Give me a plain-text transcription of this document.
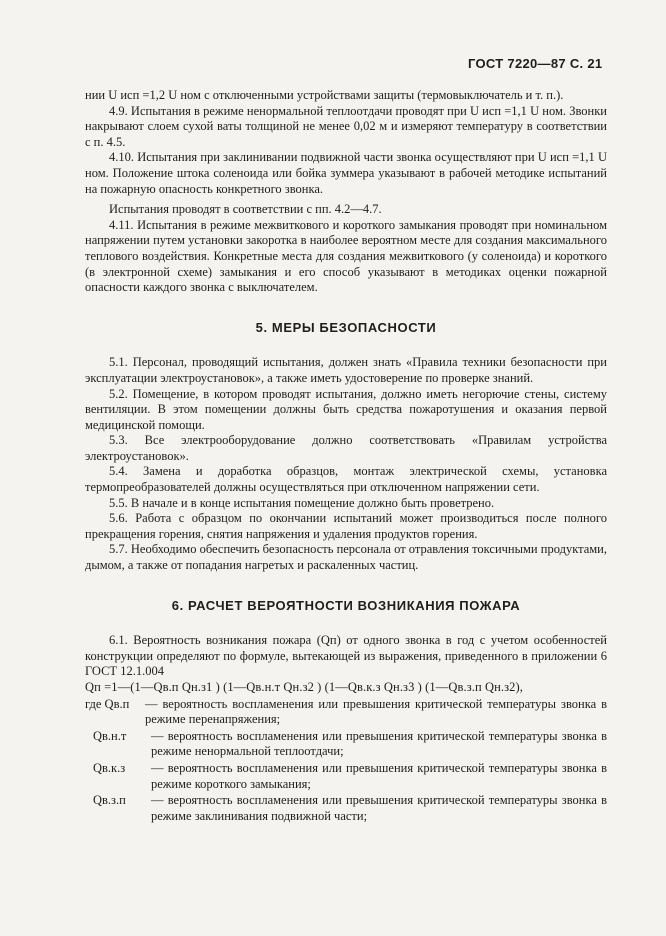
ГОСТ 7220—87 С. 21

нии U исп =1,2 U ном с отключенными устройствами защиты (термовыключатель и т. п.).

4.9. Испытания в режиме ненормальной теплоотдачи проводят при U исп =1,1 U ном. Звонки накрывают слоем сухой ваты толщиной не менее 0,02 м и измеряют температуру в соответствии с п. 4.5.

4.10. Испытания при заклинивании подвижной части звонка осуществляют при U исп =1,1 U ном. Положение штока соленоида или бойка зуммера указывают в рабочей методике испытаний на пожарную опасность конкретного звонка.

Испытания проводят в соответствии с пп. 4.2—4.7.

4.11. Испытания в режиме межвиткового и короткого замыкания проводят при номинальном напряжении путем установки закоротка в наиболее вероятном месте для создания максимального теплового воздействия. Конкретные места для создания межвиткового (у соленоида) и короткого (в электронной схеме) замыкания и его способ указывают в методиках оценки пожарной опасности каждого звонка с выключателем.

5. МЕРЫ БЕЗОПАСНОСТИ

5.1. Персонал, проводящий испытания, должен знать «Правила техники безопасности при эксплуатации электроустановок», а также иметь удостоверение по проверке знаний.

5.2. Помещение, в котором проводят испытания, должно иметь негорючие стены, систему вентиляции. В этом помещении должны быть средства пожаротушения и оказания первой медицинской помощи.

5.3. Все электрооборудование должно соответствовать «Правилам устройства электроустановок».

5.4. Замена и доработка образцов, монтаж электрической схемы, установка термопреобразователей должны осуществляться при отключенном напряжении сети.

5.5. В начале и в конце испытания помещение должно быть проветрено.

5.6. Работа с образцом по окончании испытаний может производиться после полного прекращения горения, снятия напряжения и удаления продуктов горения.

5.7. Необходимо обеспечить безопасность персонала от отравления токсичными продуктами, дымом, а также от попадания нагретых и раскаленных частиц.

6. РАСЧЕТ ВЕРОЯТНОСТИ ВОЗНИКАНИЯ ПОЖАРА

6.1. Вероятность возникания пожара (Qп) от одного звонка в год с учетом особенностей конструкции определяют по формуле, вытекающей из выражения, приведенного в приложении 6 ГОСТ 12.1.004

Qп =1—(1—Qв.п Qн.з1 ) (1—Qв.н.т Qн.з2 ) (1—Qв.к.з Qн.з3 ) (1—Qв.з.п Qн.з2),

где Qв.п	— вероятность воспламенения или превышения критической температуры звонка в режиме перенапряжения;
Qв.н.т	— вероятность воспламенения или превышения критической температуры звонка в режиме ненормальной теплоотдачи;
Qв.к.з	— вероятность воспламенения или превышения критической температуры звонка в режиме короткого замыкания;
Qв.з.п	— вероятность воспламенения или превышения критической температуры звонка в режиме заклинивания подвижной части;
